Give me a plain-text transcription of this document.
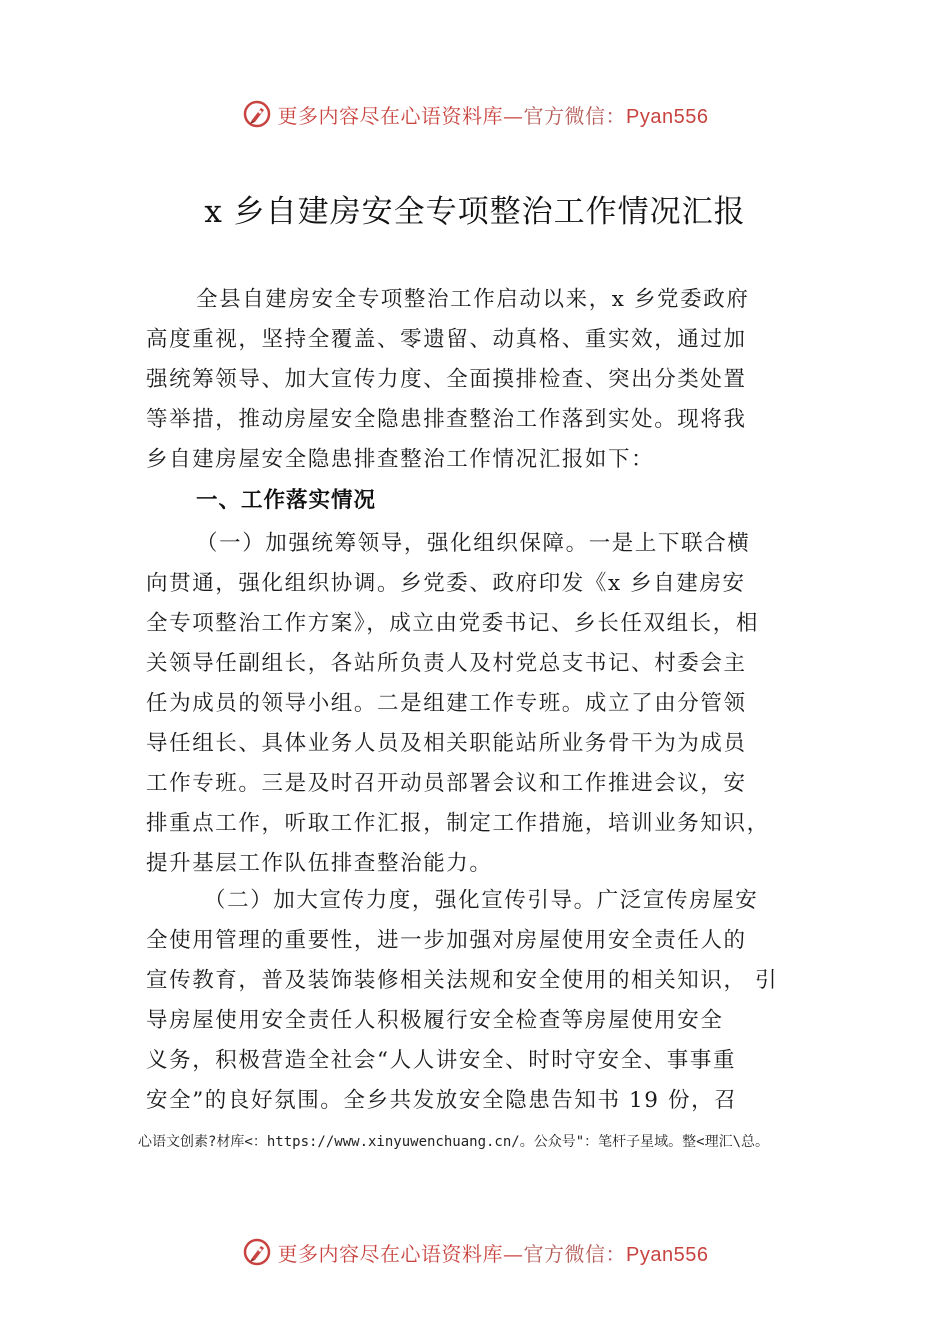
更多内容尽在心语资料库—官方微信：Pyan556
x 乡自建房安全专项整治工作情况汇报
全县自建房安全专项整治工作启动以来，x 乡党委政府
高度重视，坚持全覆盖、零遗留、动真格、重实效，通过加
强统筹领导、加大宣传力度、全面摸排检查、突出分类处置
等举措，推动房屋安全隐患排查整治工作落到实处。现将我
乡自建房屋安全隐患排查整治工作情况汇报如下：
一、工作落实情况
（一）加强统筹领导，强化组织保障。一是上下联合横
向贯通，强化组织协调。乡党委、政府印发《x 乡自建房安
全专项整治工作方案》，成立由党委书记、乡长任双组长，相
关领导任副组长，各站所负责人及村党总支书记、村委会主
任为成员的领导小组。二是组建工作专班。成立了由分管领
导任组长、具体业务人员及相关职能站所业务骨干为为成员
工作专班。三是及时召开动员部署会议和工作推进会议，安
排重点工作，听取工作汇报，制定工作措施，培训业务知识，
提升基层工作队伍排查整治能力。
（二）加大宣传力度，强化宣传引导。广泛宣传房屋安
全使用管理的重要性，进一步加强对房屋使用安全责任人的
宣传教育，普及装饰装修相关法规和安全使用的相关知识， 引
导房屋使用安全责任人积极履行安全检查等房屋使用安全
义务，积极营造全社会“人人讲安全、时时守安全、事事重
安全”的良好氛围。全乡共发放安全隐患告知书 19 份，召
心语文创素?材库<：https://www.xinyuwenchuang.cn/。公众号"：笔杆子星域。整<理汇\总。
更多内容尽在心语资料库—官方微信：Pyan556
